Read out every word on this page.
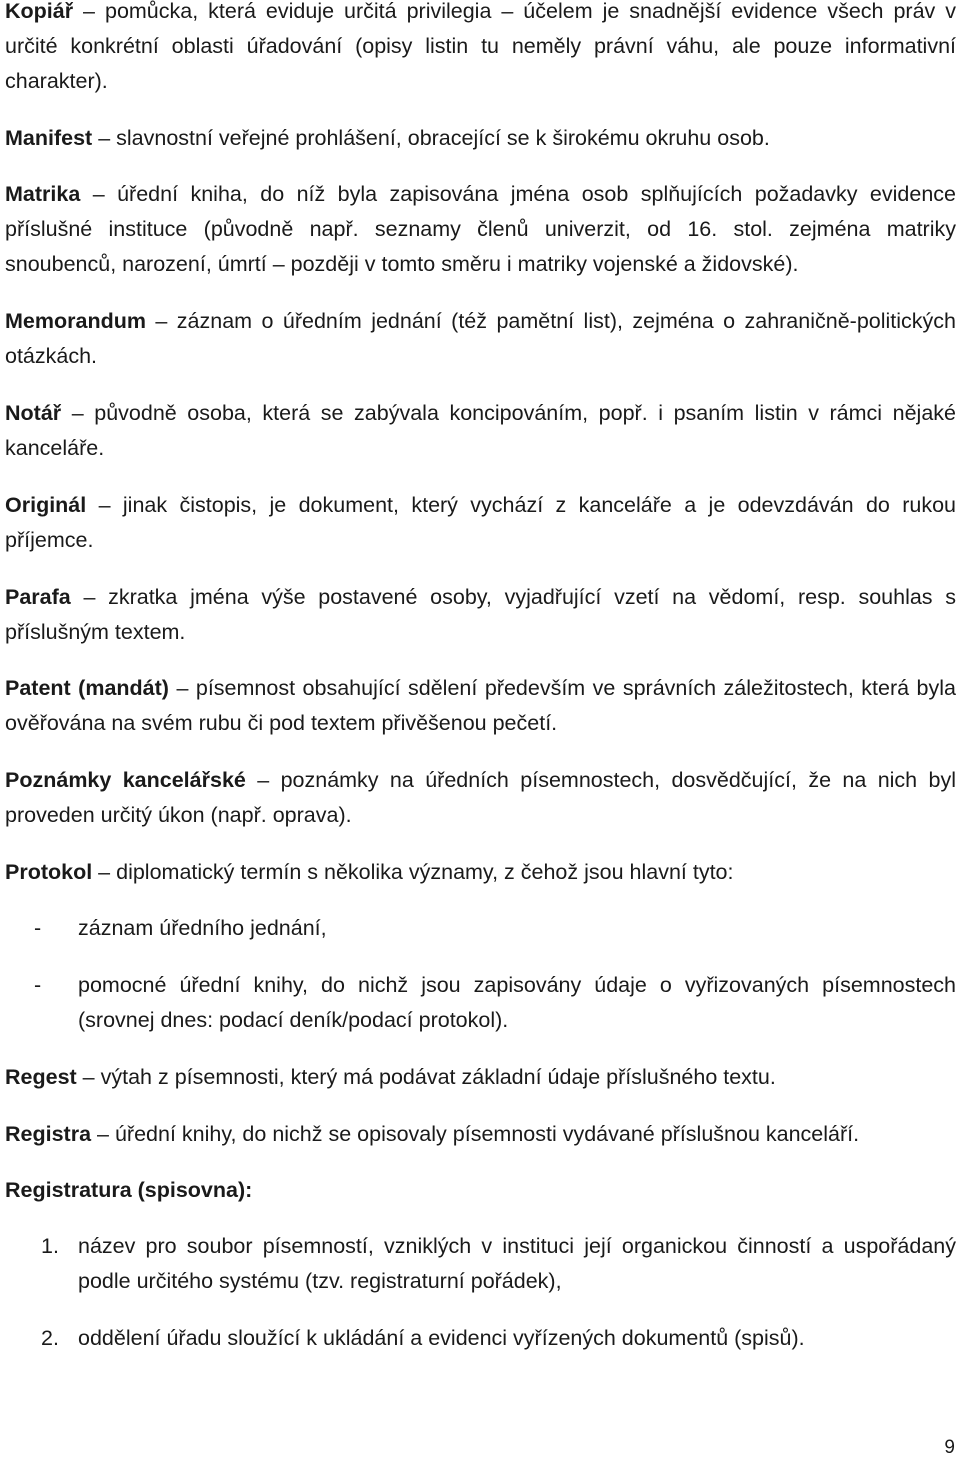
Kopiář – pomůcka, která eviduje určitá privilegia – účelem je snadnější evidence všech práv v určité konkrétní oblasti úřadování (opisy listin tu neměly právní váhu, ale pouze informativní charakter).

Manifest – slavnostní veřejné prohlášení, obracející se k širokému okruhu osob.

Matrika – úřední kniha, do níž byla zapisována jména osob splňujících požadavky evidence příslušné instituce (původně např. seznamy členů univerzit, od 16. stol. zejména matriky snoubenců, narození, úmrtí – později v tomto směru i matriky vojenské a židovské).

Memorandum – záznam o úředním jednání (též pamětní list), zejména o zahraničně-politických otázkách.

Notář – původně osoba, která se zabývala koncipováním, popř. i psaním listin v rámci nějaké kanceláře.

Originál – jinak čistopis, je dokument, který vychází z kanceláře a je odevzdáván do rukou příjemce.

Parafa – zkratka jména výše postavené osoby, vyjadřující vzetí na vědomí, resp. souhlas s příslušným textem.

Patent (mandát) – písemnost obsahující sdělení především ve správních záležitostech, která byla ověřována na svém rubu či pod textem přivěšenou pečetí.

Poznámky kancelářské – poznámky na úředních písemnostech, dosvědčující, že na nich byl proveden určitý úkon (např. oprava).

Protokol – diplomatický termín s několika významy, z čehož jsou hlavní tyto:

-	záznam úředního jednání,
-	pomocné úřední knihy, do nichž jsou zapisovány údaje o vyřizovaných písemnostech (srovnej dnes: podací deník/podací protokol).

Regest – výtah z písemnosti, který má podávat základní údaje příslušného textu.

Registra – úřední knihy, do nichž se opisovaly písemnosti vydávané příslušnou kanceláří.

Registratura (spisovna):

1. název pro soubor písemností, vzniklých v instituci její organickou činností a uspořádaný podle určitého systému (tzv. registraturní pořádek),
2. oddělení úřadu sloužící k ukládání a evidenci vyřízených dokumentů (spisů).
9
